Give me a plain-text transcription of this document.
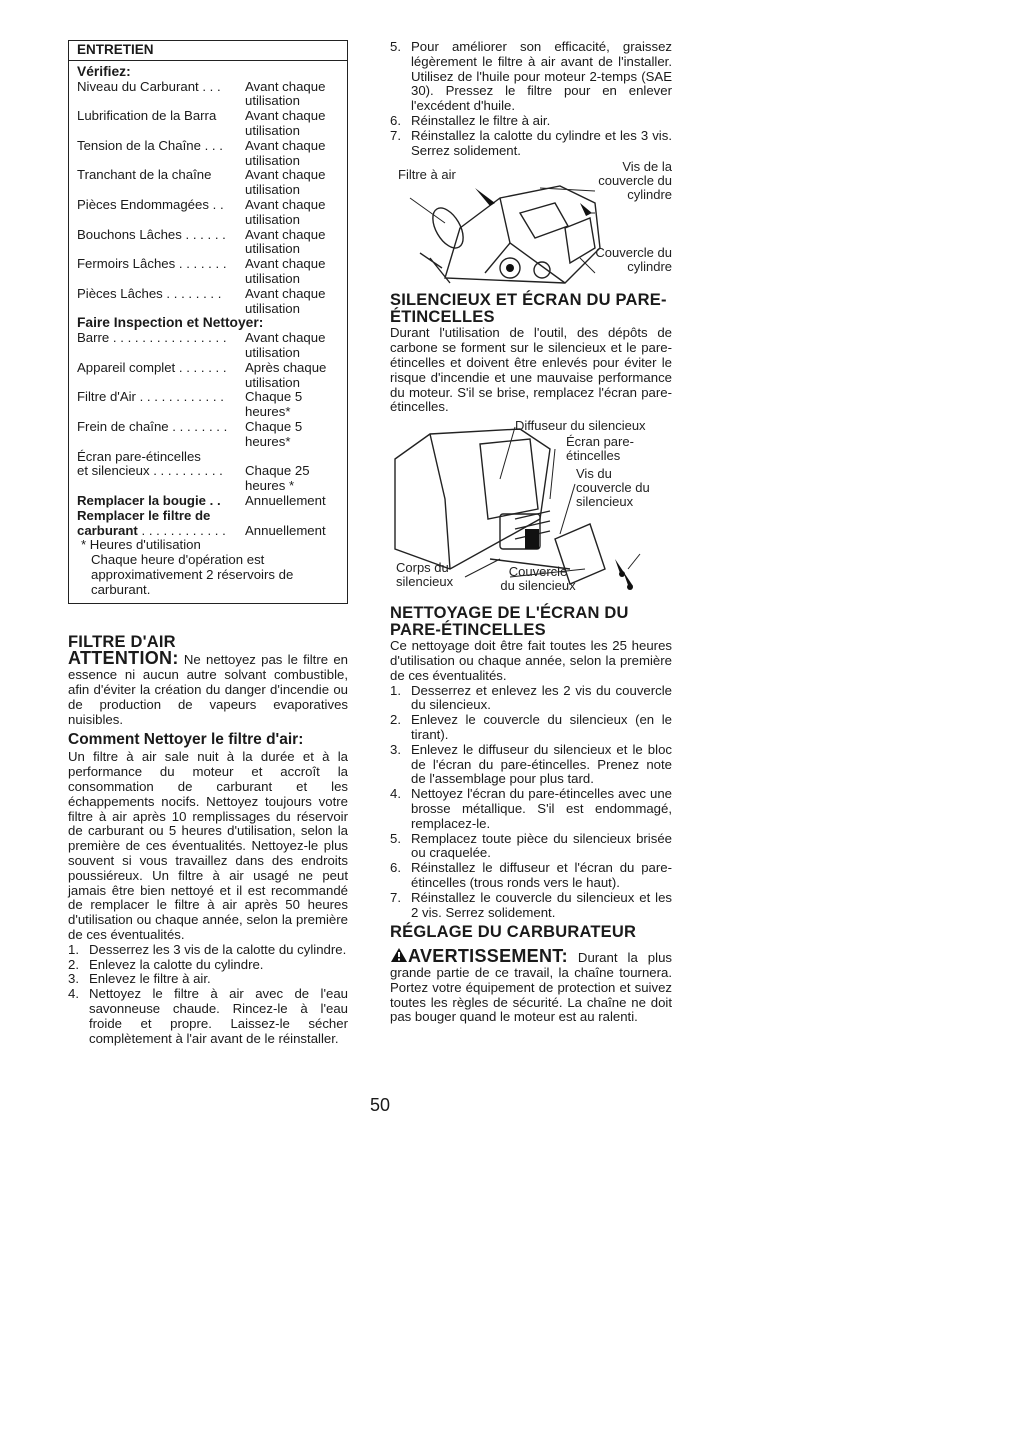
ENTRETIEN
Vérifiez:
Niveau du Carburant . . .	Avant chaque
utilisation
Lubrification de la Barra	Avant chaque
utilisation
Tension de la Chaîne . . .	Avant chaque
utilisation
Tranchant de la chaîne	Avant chaque
utilisation
Pièces Endommagées . .	Avant chaque
utilisation
Bouchons Lâches . . . . . .	Avant chaque
utilisation
Fermoirs Lâches . . . . . . .	Avant chaque
utilisation
Pièces Lâches . . . . . . . .	Avant chaque
utilisation
Faire Inspection et Nettoyer:
Barre . . . . . . . . . . . . . . . .	Avant chaque
utilisation
Appareil complet . . . . . . .	Après chaque
utilisation
Filtre d'Air . . . . . . . . . . . .	Chaque 5
heures*
Frein de chaîne . . . . . . . .	Chaque 5
heures*
Écran pare-étincelles
et silencieux . . . . . . . . . .	Chaque 25
heures *
Remplacer la bougie . .	Annuellement
Remplacer le filtre de
carburant . . . . . . . . . . . .	Annuellement
* Heures d'utilisation
Chaque heure d'opération est approximativement 2 réservoirs de carburant.
FILTRE D'AIR

ATTENTION: Ne nettoyez pas le filtre en essence ni aucun autre solvant combustible, afin d'éviter la création du danger d'incendie ou de production de vapeurs evaporatives nuisibles.

Comment Nettoyer le filtre d'air:

Un filtre à air sale nuit à la durée et à la performance du moteur et accroît la consommation de carburant et les échappements nocifs. Nettoyez toujours votre filtre à air après 10 remplissages du réservoir de carburant ou 5 heures d'utilisation, selon la première de ces éventualités. Nettoyez-le plus souvent si vous travaillez dans des endroits poussiéreux. Un filtre à air usagé ne peut jamais être bien nettoyé et il est recommandé de remplacer le filtre à air après 50 heures d'utilisation ou chaque année, selon la première de ces éventualités.

1. Desserrez les 3 vis de la calotte du cylindre.
2. Enlevez la calotte du cylindre.
3. Enlevez le filtre à air.
4. Nettoyez le filtre à air avec de l'eau savonneuse chaude. Rincez-le à l'eau froide et propre. Laissez-le sécher complètement à l'air avant de le réinstaller.
5. Pour améliorer son efficacité, graissez légèrement le filtre à air avant de l'installer. Utilisez de l'huile pour moteur 2-temps (SAE 30). Pressez le filtre pour en enlever l'excédent d'huile.
6. Réinstallez le filtre à air.
7. Réinstallez la calotte du cylindre et les 3 vis. Serrez solidement.
Filtre à air
Vis de la couvercle du cylindre
Couvercle du cylindre
SILENCIEUX ET ÉCRAN DU PARE-ÉTINCELLES

Durant l'utilisation de l'outil, des dépôts de carbone se forment sur le silencieux et le pare-étincelles et doivent être enlevés pour éviter le risque d'incendie et une mauvaise performance du moteur. S'il se brise, remplacez l'écran pare-étincelles.

Diffuseur du silencieux
Écran pare-étincelles
Vis du couvercle du silencieux
Corps du silencieux
Couvercle du silencieux
NETTOYAGE DE L'ÉCRAN DU PARE-ÉTINCELLES

Ce nettoyage doit être fait toutes les 25 heures d'utilisation ou chaque année, selon la première de ces éventualités.

1. Desserrez et enlevez les 2 vis du couvercle du silencieux.
2. Enlevez le couvercle du silencieux (en le tirant).
3. Enlevez le diffuseur du silencieux et le bloc de l'écran du pare-étincelles. Prenez note de l'assemblage pour plus tard.
4. Nettoyez l'écran du pare-étincelles avec une brosse métallique. S'il est endommagé, remplacez-le.
5. Remplacez toute pièce du silencieux brisée ou craquelée.
6. Réinstallez le diffuseur et l'écran du pare-étincelles (trous ronds vers le haut).
7. Réinstallez le couvercle du silencieux et les 2 vis. Serrez solidement.
RÉGLAGE DU CARBURATEUR

AVERTISSEMENT: Durant la plus grande partie de ce travail, la chaîne tournera. Portez votre équipement de protection et suivez toutes les règles de sécurité. La chaîne ne doit pas bouger quand le moteur est au ralenti.

50
